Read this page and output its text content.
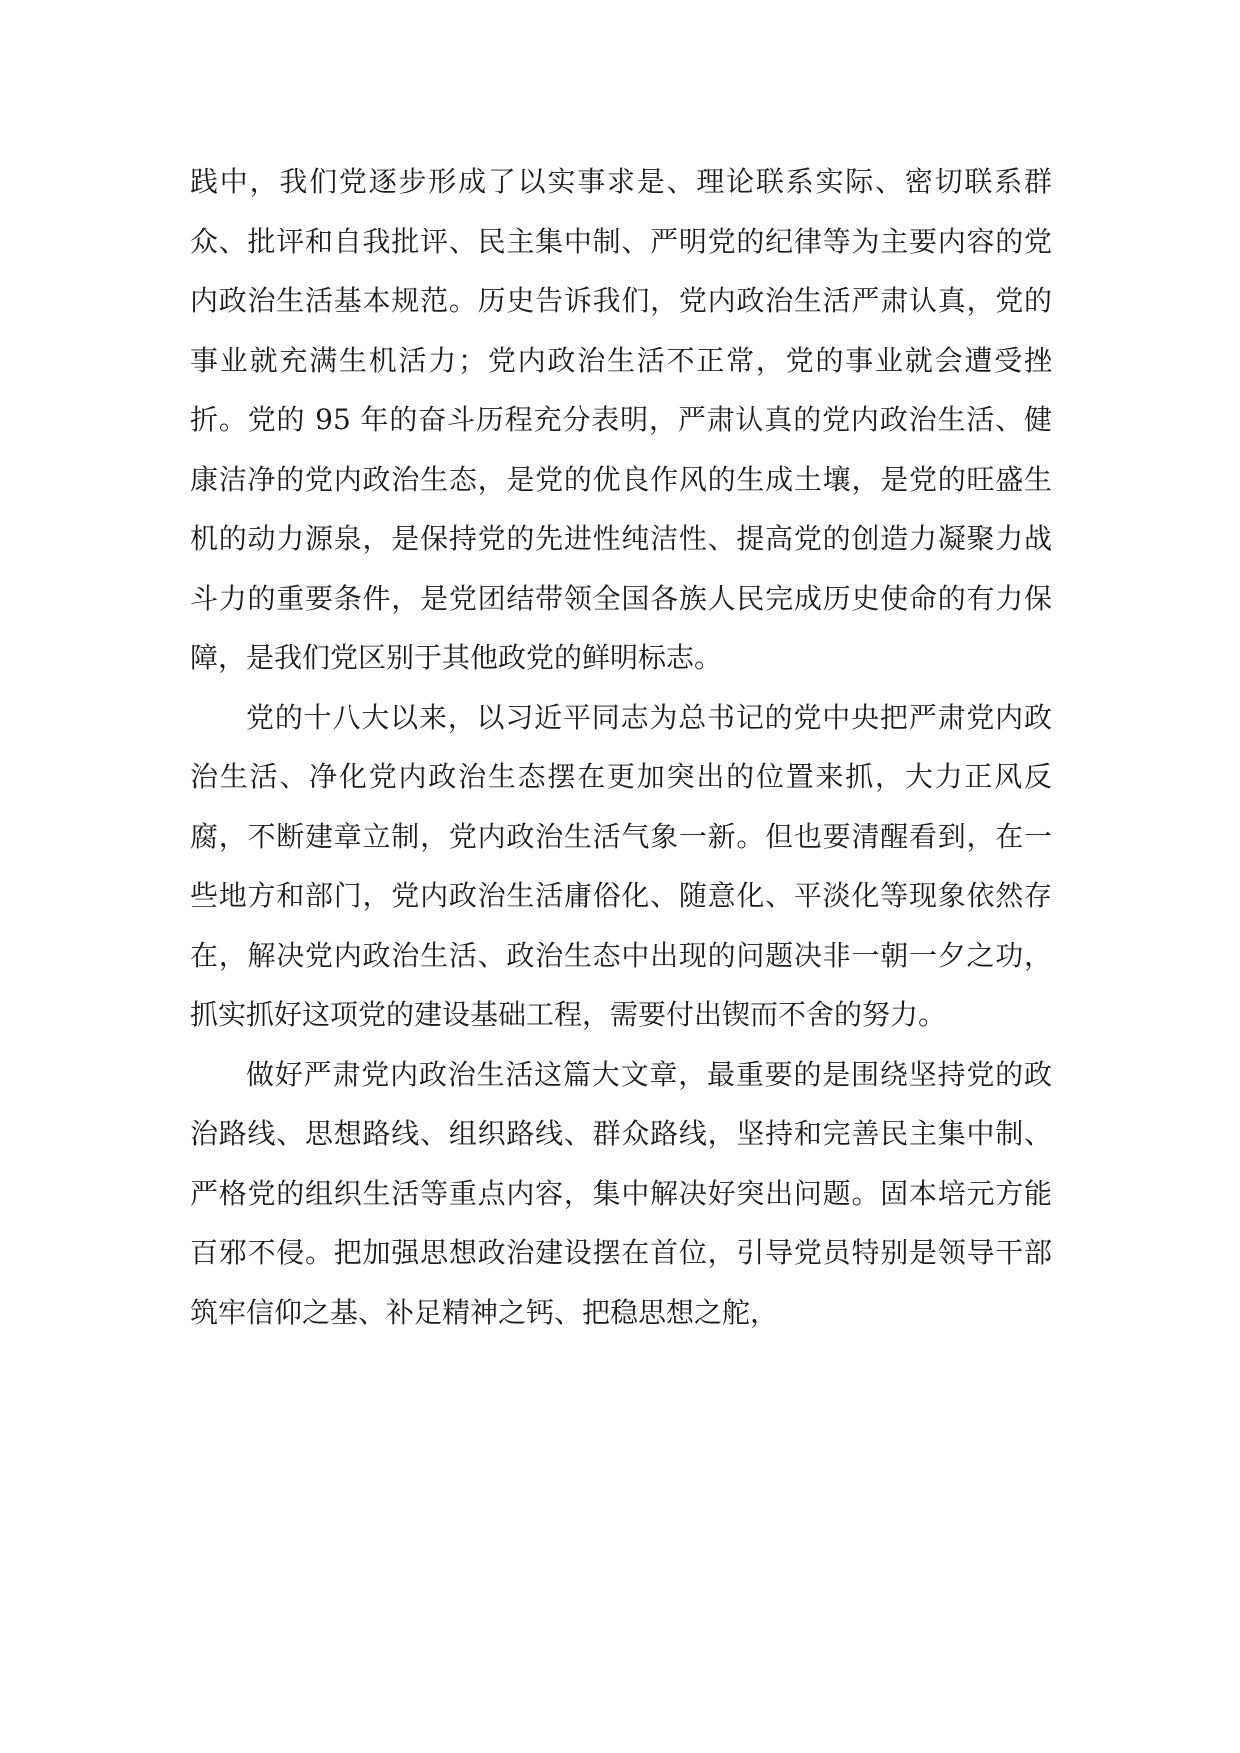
践中，我们党逐步形成了以实事求是、理论联系实际、密切联系群众、批评和自我批评、民主集中制、严明党的纪律等为主要内容的党内政治生活基本规范。历史告诉我们，党内政治生活严肃认真，党的事业就充满生机活力；党内政治生活不正常，党的事业就会遭受挫折。党的 95 年的奋斗历程充分表明，严肃认真的党内政治生活、健康洁净的党内政治生态，是党的优良作风的生成土壤，是党的旺盛生机的动力源泉，是保持党的先进性纯洁性、提高党的创造力凝聚力战斗力的重要条件，是党团结带领全国各族人民完成历史使命的有力保障，是我们党区别于其他政党的鲜明标志。

党的十八大以来，以习近平同志为总书记的党中央把严肃党内政治生活、净化党内政治生态摆在更加突出的位置来抓，大力正风反腐，不断建章立制，党内政治生活气象一新。但也要清醒看到，在一些地方和部门，党内政治生活庸俗化、随意化、平淡化等现象依然存在，解决党内政治生活、政治生态中出现的问题决非一朝一夕之功，抓实抓好这项党的建设基础工程，需要付出锲而不舍的努力。

做好严肃党内政治生活这篇大文章，最重要的是围绕坚持党的政治路线、思想路线、组织路线、群众路线，坚持和完善民主集中制、严格党的组织生活等重点内容，集中解决好突出问题。固本培元方能百邪不侵。把加强思想政治建设摆在首位，引导党员特别是领导干部筑牢信仰之基、补足精神之钙、把稳思想之舵，
